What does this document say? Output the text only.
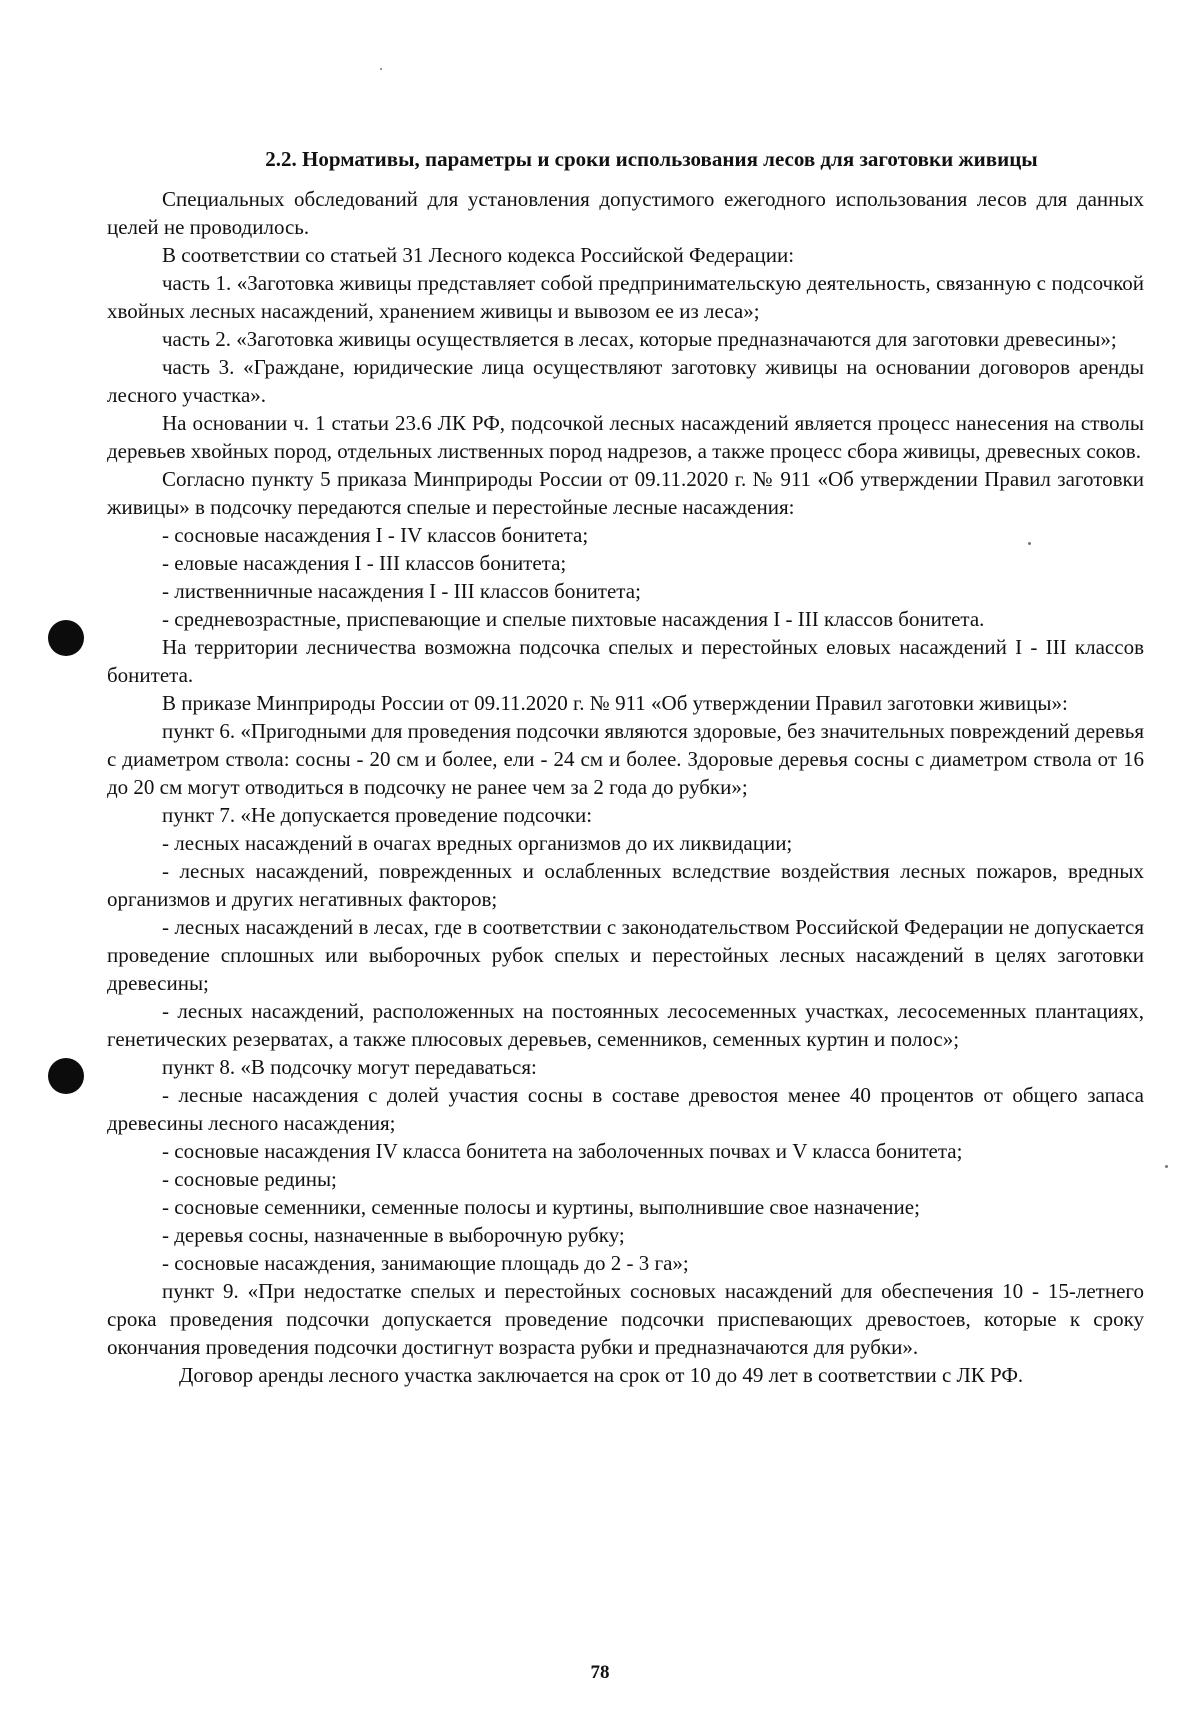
2.2. Нормативы, параметры и сроки использования лесов для заготовки живицы

Специальных обследований для установления допустимого ежегодного использования лесов для данных целей не проводилось.

В соответствии со статьей 31 Лесного кодекса Российской Федерации:

часть 1. «Заготовка живицы представляет собой предпринимательскую деятельность, связанную с подсочкой хвойных лесных насаждений, хранением живицы и вывозом ее из леса»;

часть 2. «Заготовка живицы осуществляется в лесах, которые предназначаются для заготовки древесины»;

часть 3. «Граждане, юридические лица осуществляют заготовку живицы на основании договоров аренды лесного участка».

На основании ч. 1 статьи 23.6 ЛК РФ, подсочкой лесных насаждений является процесс нанесения на стволы деревьев хвойных пород, отдельных лиственных пород надрезов, а также процесс сбора живицы, древесных соков.

Согласно пункту 5 приказа Минприроды России от 09.11.2020 г. № 911 «Об утверждении Правил заготовки живицы» в подсочку передаются спелые и перестойные лесные насаждения:

- сосновые насаждения I - IV классов бонитета;

- еловые насаждения I - III классов бонитета;

- лиственничные насаждения I - III классов бонитета;

- средневозрастные, приспевающие и спелые пихтовые насаждения I - III классов бонитета.

На территории лесничества возможна подсочка спелых и перестойных еловых насаждений I - III классов бонитета.

В приказе Минприроды России от 09.11.2020 г. № 911 «Об утверждении Правил заготовки живицы»:

пункт 6. «Пригодными для проведения подсочки являются здоровые, без значительных повреждений деревья с диаметром ствола: сосны - 20 см и более, ели - 24 см и более. Здоровые деревья сосны с диаметром ствола от 16 до 20 см могут отводиться в подсочку не ранее чем за 2 года до рубки»;

пункт 7. «Не допускается проведение подсочки:

- лесных насаждений в очагах вредных организмов до их ликвидации;

- лесных насаждений, поврежденных и ослабленных вследствие воздействия лесных пожаров, вредных организмов и других негативных факторов;

- лесных насаждений в лесах, где в соответствии с законодательством Российской Федерации не допускается проведение сплошных или выборочных рубок спелых и перестойных лесных насаждений в целях заготовки древесины;

- лесных насаждений, расположенных на постоянных лесосеменных участках, лесосеменных плантациях, генетических резерватах, а также плюсовых деревьев, семенников, семенных куртин и полос»;

пункт 8. «В подсочку могут передаваться:

- лесные насаждения с долей участия сосны в составе древостоя менее 40 процентов от общего запаса древесины лесного насаждения;

- сосновые насаждения IV класса бонитета на заболоченных почвах и V класса бонитета;

- сосновые редины;

- сосновые семенники, семенные полосы и куртины, выполнившие свое назначение;

- деревья сосны, назначенные в выборочную рубку;

- сосновые насаждения, занимающие площадь до 2 - 3 га»;

пункт 9. «При недостатке спелых и перестойных сосновых насаждений для обеспечения 10 - 15-летнего срока проведения подсочки допускается проведение подсочки приспевающих древостоев, которые к сроку окончания проведения подсочки достигнут возраста рубки и предназначаются для рубки».

Договор аренды лесного участка заключается на срок от 10 до 49 лет в соответствии с ЛК РФ.

78
